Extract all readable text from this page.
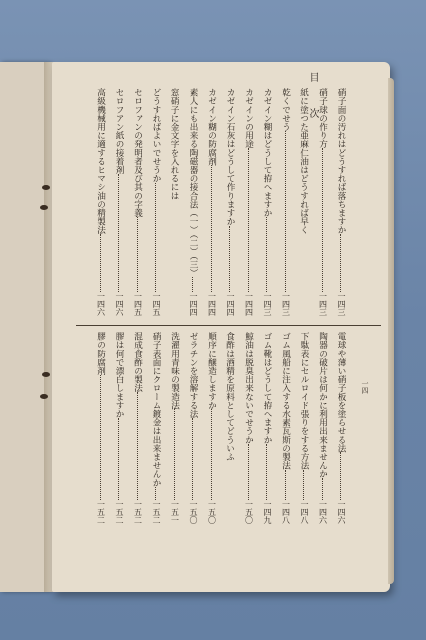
目　次
一四
硝子面の汚れはどうすれば落ちますか
一四三
硝子球の作り方
一四三
紙に塗つた亜麻仁油はどうすれば早く
乾くでせう
一四三
カゼイン糊はどうして拵へますか
一四三
カゼインの用途
一四四
カゼイン石灰はどうして作りますか
一四四
カゼイン糊の防腐剤
一四四
素人にも出来る陶磁器の接合法（一）（二）（三）
一四四
窓硝子に金文字を入れるには
どうすればよいでせうか
一四五
セロファンの発明者及び其の字義
一四五
セロフアン紙の接着剤
一四六
高級機械用に適するヒマシ油の精製法
一四六
電球や薄い硝子板を塗らせる法
一四六
陶器の破片は何かに利用出来ませんか
一四六
下駄表にセルロイド張りをする方法
一四八
ゴム風船に注入する水素瓦斯の製法
一四八
ゴム靴はどうして拵へますか
一四九
鯨油は脱臭出来ないでせうか
一五〇
食酢は酒精を原料としてどういふ
順序に醸造しますか
一五〇
ゼラチンを溶解する法
一五〇
洗濯用青味の製造法
一五一
硝子表面にクローム鍍金は出来ませんか
一五二
混成食酢の製法
一五二
膠は何で漂白しますか
一五二
膠の防腐剤
一五二
